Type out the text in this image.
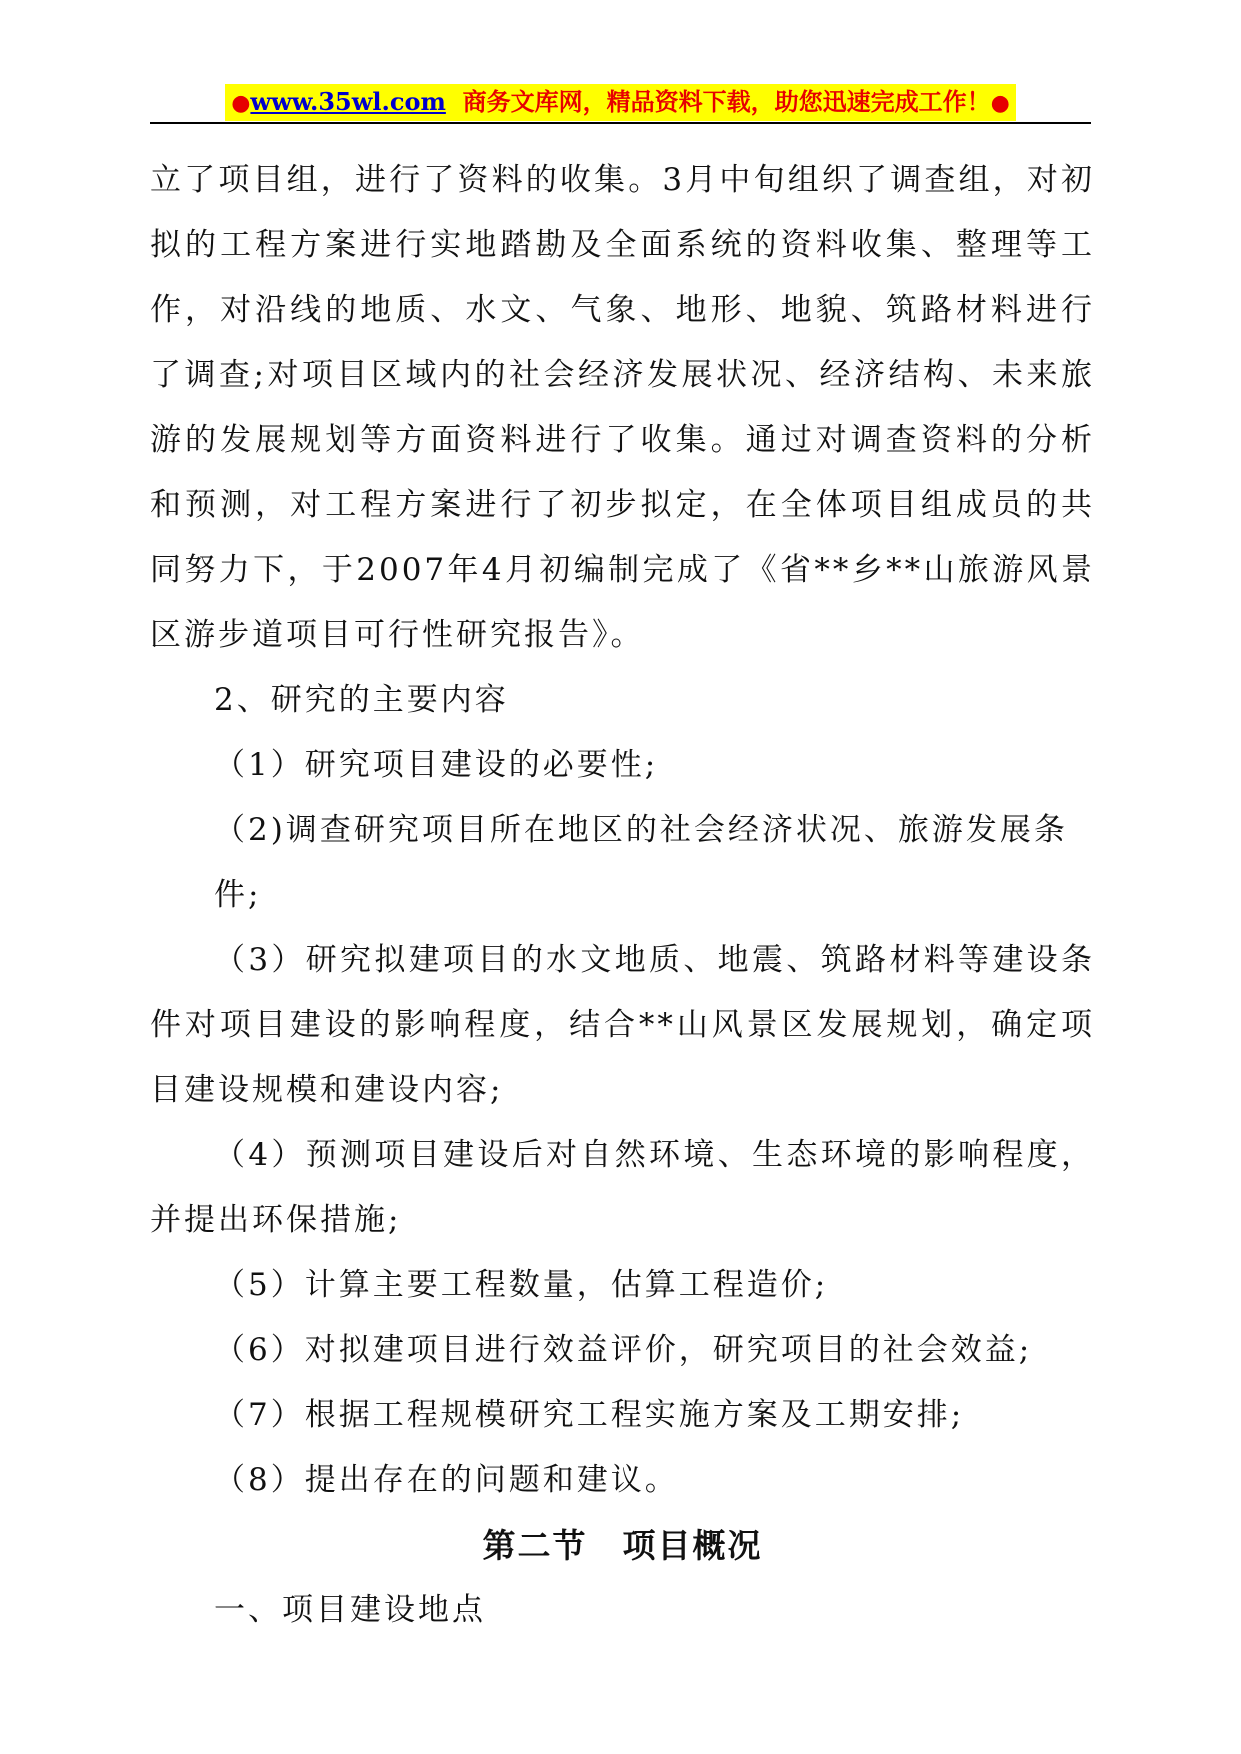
●www.35wl.com 商务文库网，精品资料下载，助您迅速完成工作！●

立了项目组，进行了资料的收集。3月中旬组织了调查组，对初拟的工程方案进行实地踏勘及全面系统的资料收集、整理等工作，对沿线的地质、水文、气象、地形、地貌、筑路材料进行了调查;对项目区域内的社会经济发展状况、经济结构、未来旅游的发展规划等方面资料进行了收集。通过对调查资料的分析和预测，对工程方案进行了初步拟定，在全体项目组成员的共同努力下，于2007年4月初编制完成了《省**乡**山旅游风景区游步道项目可行性研究报告》。

2、研究的主要内容

（1）研究项目建设的必要性;

（2)调查研究项目所在地区的社会经济状况、旅游发展条件;

（3）研究拟建项目的水文地质、地震、筑路材料等建设条件对项目建设的影响程度，结合**山风景区发展规划，确定项目建设规模和建设内容;

（4）预测项目建设后对自然环境、生态环境的影响程度，并提出环保措施;

（5）计算主要工程数量，估算工程造价;

（6）对拟建项目进行效益评价，研究项目的社会效益;

（7）根据工程规模研究工程实施方案及工期安排;

（8）提出存在的问题和建议。

第二节　项目概况

一、项目建设地点
